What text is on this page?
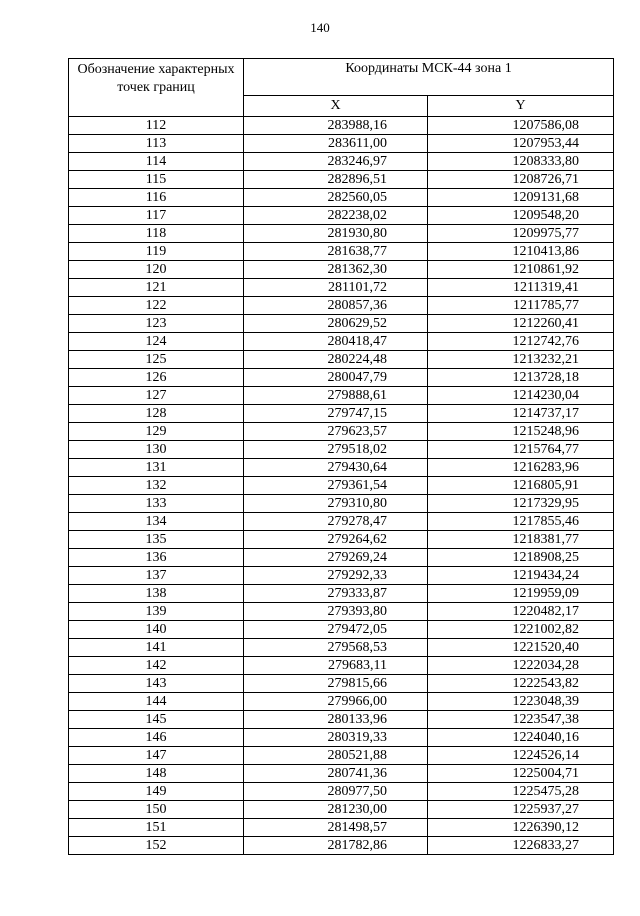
140
Обозначение характерных точек границ	Координаты МСК-44 зона 1	
	X	Y
112	283988,16	1207586,08
113	283611,00	1207953,44
114	283246,97	1208333,80
115	282896,51	1208726,71
116	282560,05	1209131,68
117	282238,02	1209548,20
118	281930,80	1209975,77
119	281638,77	1210413,86
120	281362,30	1210861,92
121	281101,72	1211319,41
122	280857,36	1211785,77
123	280629,52	1212260,41
124	280418,47	1212742,76
125	280224,48	1213232,21
126	280047,79	1213728,18
127	279888,61	1214230,04
128	279747,15	1214737,17
129	279623,57	1215248,96
130	279518,02	1215764,77
131	279430,64	1216283,96
132	279361,54	1216805,91
133	279310,80	1217329,95
134	279278,47	1217855,46
135	279264,62	1218381,77
136	279269,24	1218908,25
137	279292,33	1219434,24
138	279333,87	1219959,09
139	279393,80	1220482,17
140	279472,05	1221002,82
141	279568,53	1221520,40
142	279683,11	1222034,28
143	279815,66	1222543,82
144	279966,00	1223048,39
145	280133,96	1223547,38
146	280319,33	1224040,16
147	280521,88	1224526,14
148	280741,36	1225004,71
149	280977,50	1225475,28
150	281230,00	1225937,27
151	281498,57	1226390,12
152	281782,86	1226833,27
